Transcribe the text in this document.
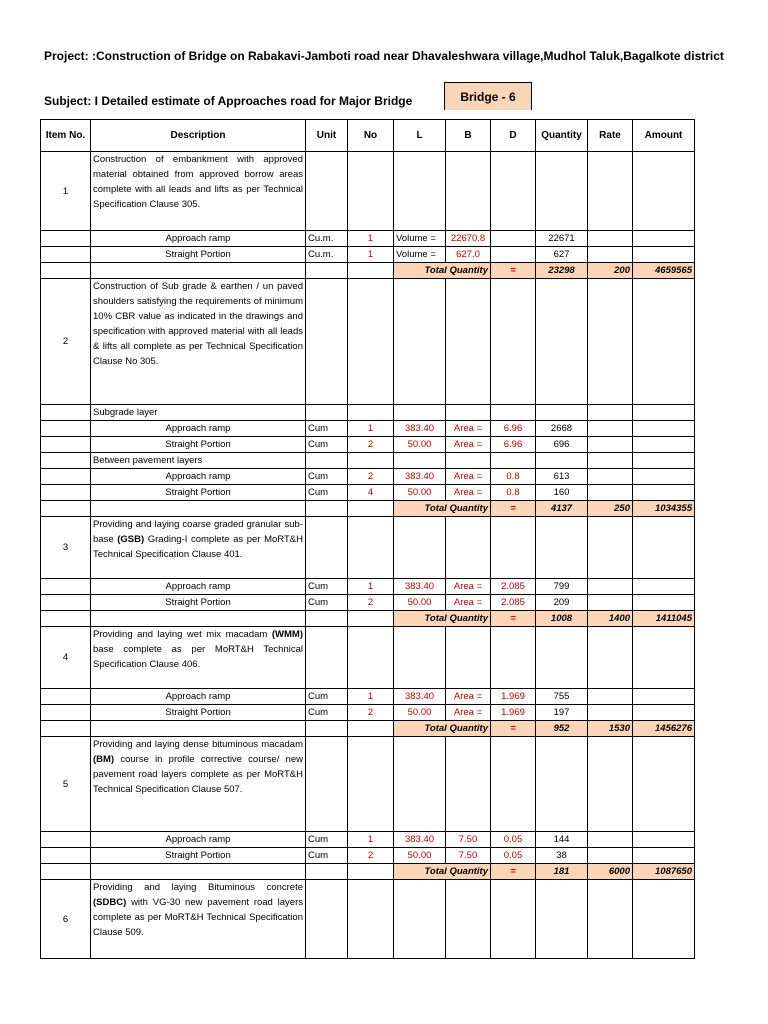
Project: :Construction of Bridge on Rabakavi-Jamboti road near Dhavaleshwara village,Mudhol Taluk,Bagalkote district
Subject: I Detailed estimate of Approaches road for Major Bridge	Bridge - 6
Item No.	Description	Unit	No	L	B	D	Quantity	Rate	Amount
1	Construction of embankment with approved material obtained from approved borrow areas complete with all leads and lifts as per Technical Specification Clause 305.								

	Approach ramp	Cu.m.	1	Volume =	22670.8		22671		
	Straight Portion	Cu.m.	1	Volume =	627.0		627		
				Total Quantity		=	23298	200	4659565
2	Construction of Sub grade & earthen / un paved shoulders satisfying the requirements of minimum 10% CBR value as indicated in the drawings and specification with approved material with all leads & lifts all complete as per Technical Specification Clause No 305.								

	Subgrade layer								
	Approach ramp	Cum	1	383.40	Area =	6.96	2668		
	Straight Portion	Cum	2	50.00	Area =	6.96	696		
	Between pavement layers								
	Approach ramp	Cum	2	383.40	Area =	0.8	613		
	Straight Portion	Cum	4	50.00	Area =	0.8	160		
				Total Quantity		=	4137	250	1034355
3	Providing and laying coarse graded granular sub-base (GSB) Grading-I complete as per MoRT&H Technical Specification Clause 401.								

	Approach ramp	Cum	1	383.40	Area =	2.085	799		
	Straight Portion	Cum	2	50.00	Area =	2.085	209		
				Total Quantity		=	1008	1400	1411045
4	Providing and laying wet mix macadam (WMM) base complete as per MoRT&H Technical Specification Clause 406.								

	Approach ramp	Cum	1	383.40	Area =	1.969	755		
	Straight Portion	Cum	2	50.00	Area =	1.969	197		
				Total Quantity		=	952	1530	1456276
5	Providing and laying dense bituminous macadam (BM) course in profile corrective course/ new pavement road layers complete as per MoRT&H Technical Specification Clause 507.								

	Approach ramp	Cum	1	383.40	7.50	0.05	144		
	Straight Portion	Cum	2	50.00	7.50	0.05	38		
				Total Quantity		=	181	6000	1087650
6	Providing and laying Bituminous concrete (SDBC) with VG-30 new pavement road layers complete as per MoRT&H Technical Specification Clause 509.								
